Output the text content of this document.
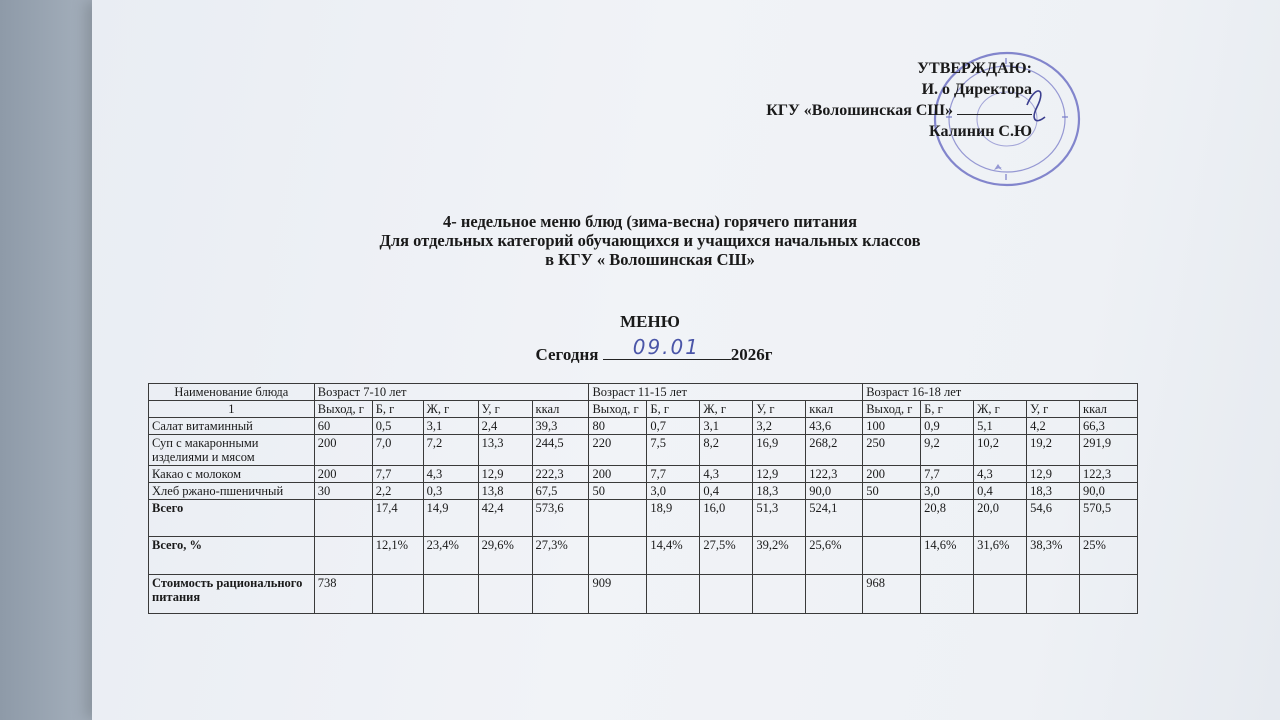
УТВЕРЖДАЮ:
И. о Директора
КГУ «Волошинская СШ»
Калинин С.Ю
4- недельное меню блюд (зима-весна) горячего питания
Для отдельных категорий обучающихся и учащихся начальных классов
в КГУ « Волошинская СШ»
МЕНЮ
Сегодня 09.01 2026г
Наименование блюда	Возраст 7-10 лет					Возраст 11-15 лет					Возраст 16-18 лет				
1	Выход, г	Б, г	Ж, г	У, г	ккал	Выход, г	Б, г	Ж, г	У, г	ккал	Выход, г	Б, г	Ж, г	У, г	ккал
Салат витаминный	60	0,5	3,1	2,4	39,3	80	0,7	3,1	3,2	43,6	100	0,9	5,1	4,2	66,3
Суп с макаронными изделиями и мясом	200	7,0	7,2	13,3	244,5	220	7,5	8,2	16,9	268,2	250	9,2	10,2	19,2	291,9
Какао с молоком	200	7,7	4,3	12,9	222,3	200	7,7	4,3	12,9	122,3	200	7,7	4,3	12,9	122,3
Хлеб ржано-пшеничный	30	2,2	0,3	13,8	67,5	50	3,0	0,4	18,3	90,0	50	3,0	0,4	18,3	90,0
Всего		17,4	14,9	42,4	573,6		18,9	16,0	51,3	524,1		20,8	20,0	54,6	570,5
Всего, %		12,1%	23,4%	29,6%	27,3%		14,4%	27,5%	39,2%	25,6%		14,6%	31,6%	38,3%	25%
Стоимость рационального питания	738					909					968				
